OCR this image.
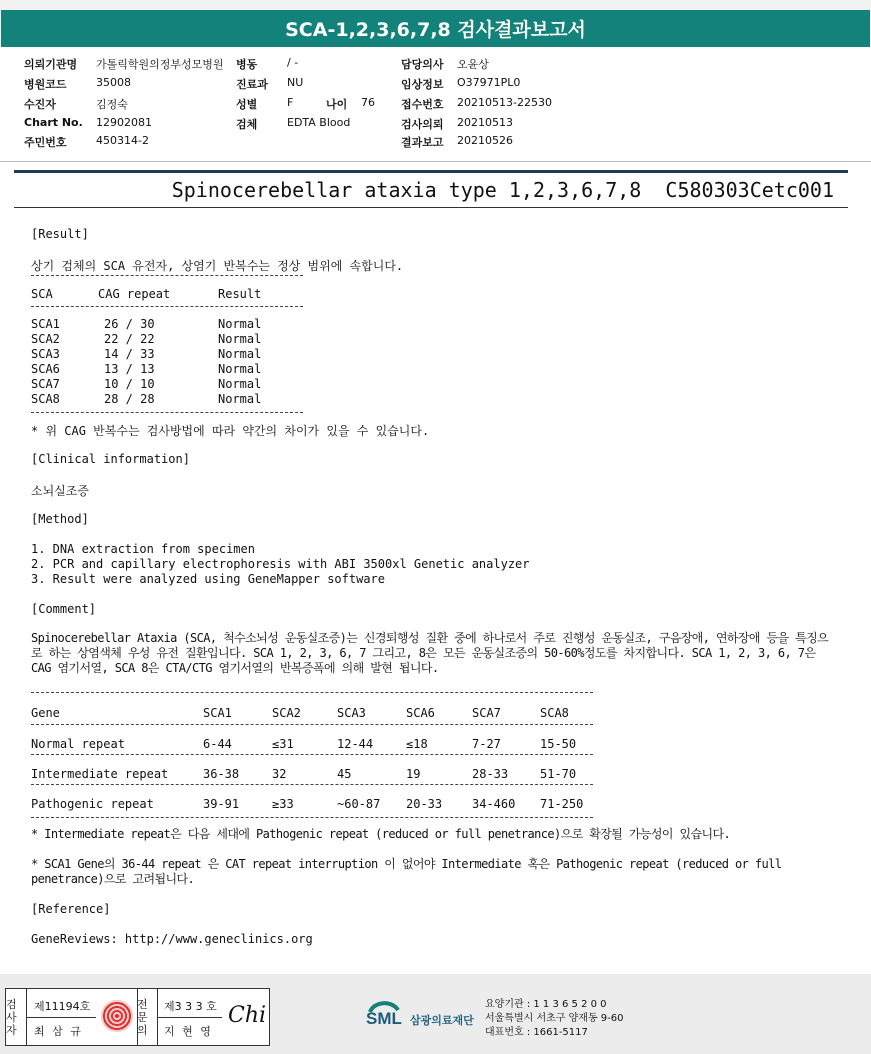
SCA-1,2,3,6,7,8 검사결과보고서
의뢰기관명 가톨릭학원의정부성모병원 병동	/ -	담당의사 오윤상
병원코드	35008	진료과 NU	임상정보 O37971PL0
수진자	김정숙	성별	F	나이 76 접수번호 20210513-22530
Chart No. 12902081	검체	EDTA Blood	검사의뢰 20210513
주민번호	450314-2	결과보고 20210526
Spinocerebellar ataxia type 1,2,3,6,7,8 C580303Cetc001
[Result]
상기 검체의 SCA 유전자, 상염기 반복수는 정상 범위에 속합니다.
SCA	CAG repeat	Result
SCA1	26 / 30	Normal
SCA2	22 / 22	Normal
SCA3	14 / 33	Normal
SCA6	13 / 13	Normal
SCA7	10 / 10	Normal
SCA8	28 / 28	Normal
* 위 CAG 반복수는 검사방법에 따라 약간의 차이가 있을 수 있습니다.
[Clinical information]
소뇌실조증
[Method]
1. DNA extraction from specimen
2. PCR and capillary electrophoresis with ABI 3500xl Genetic analyzer
3. Result were analyzed using GeneMapper software
[Comment]
Spinocerebellar Ataxia (SCA, 척수소뇌성 운동실조증)는 신경퇴행성 질환 중에 하나로서 주로 진행성 운동실조, 구음장애, 연하장애 등을 특징으로 하는 상염색체 우성 유전 질환입니다. SCA 1, 2, 3, 6, 7 그리고, 8은 모든 운동실조증의 50-60%정도를 차지합니다. SCA 1, 2, 3, 6, 7은 CAG 염기서열, SCA 8은 CTA/CTG 염기서열의 반복증폭에 의해 발현 됩니다.
Gene	SCA1	SCA2	SCA3	SCA6	SCA7	SCA8
Normal repeat	6-44	≤31	12-44	≤18	7-27	15-50
Intermediate repeat	36-38	32	45	19	28-33	51-70
Pathogenic repeat	39-91	≥33	~60-87 20-33 34-460 71-250
* Intermediate repeat은 다음 세대에 Pathogenic repeat (reduced or full penetrance)으로 확장될 가능성이 있습니다.
* SCA1 Gene의 36-44 repeat 은 CAT repeat interruption 이 없어야 Intermediate 혹은 Pathogenic repeat (reduced or full penetrance)으로 고려됩니다.
[Reference]
GeneReviews: http://www.geneclinics.org
검사자
제11194호
최 삼 규
전문의
제3 3 3 호
지 현 영
Chi	SML 삼광의료재단
요양기관 : 1 1 3 6 5 2 0 0
서울특별시 서초구 양재동 9-60
대표번호 : 1661-5117
